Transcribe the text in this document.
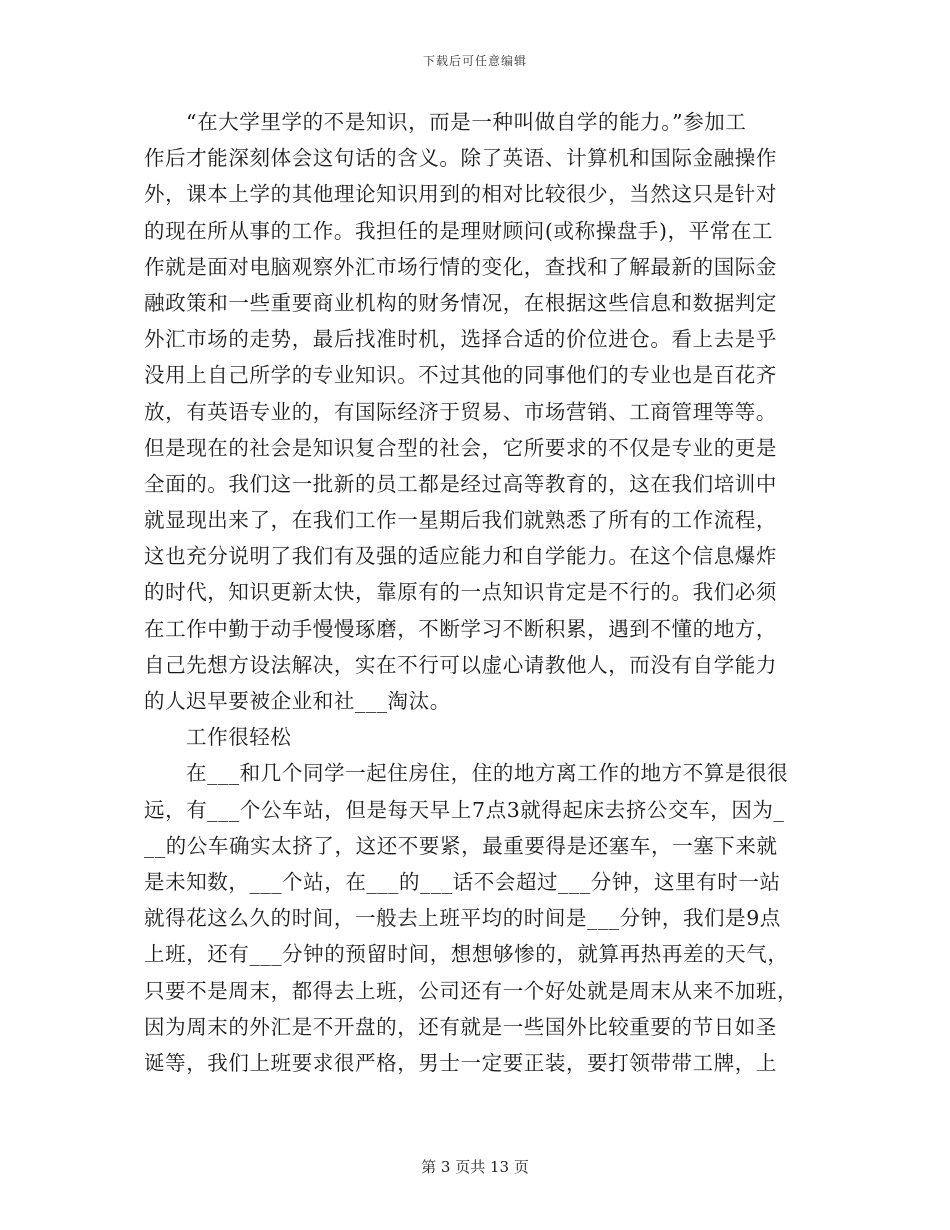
下载后可任意编辑
“在大学里学的不是知识，而是一种叫做自学的能力。”参加工
作后才能深刻体会这句话的含义。除了英语、计算机和国际金融操作
外，课本上学的其他理论知识用到的相对比较很少，当然这只是针对
的现在所从事的工作。我担任的是理财顾问(或称操盘手)，平常在工
作就是面对电脑观察外汇市场行情的变化，查找和了解最新的国际金
融政策和一些重要商业机构的财务情况，在根据这些信息和数据判定
外汇市场的走势，最后找准时机，选择合适的价位进仓。看上去是乎
没用上自己所学的专业知识。不过其他的同事他们的专业也是百花齐
放，有英语专业的，有国际经济于贸易、市场营销、工商管理等等。
但是现在的社会是知识复合型的社会，它所要求的不仅是专业的更是
全面的。我们这一批新的员工都是经过高等教育的，这在我们培训中
就显现出来了，在我们工作一星期后我们就熟悉了所有的工作流程，
这也充分说明了我们有及强的适应能力和自学能力。在这个信息爆炸
的时代，知识更新太快，靠原有的一点知识肯定是不行的。我们必须
在工作中勤于动手慢慢琢磨，不断学习不断积累，遇到不懂的地方，
自己先想方设法解决，实在不行可以虚心请教他人，而没有自学能力
的人迟早要被企业和社___淘汰。
工作很轻松
在___和几个同学一起住房住，住的地方离工作的地方不算是很很
远，有___个公车站，但是每天早上7点3就得起床去挤公交车，因为_
__的公车确实太挤了，这还不要紧，最重要得是还塞车，一塞下来就
是未知数，___个站，在___的___话不会超过___分钟，这里有时一站
就得花这么久的时间，一般去上班平均的时间是___分钟，我们是9点
上班，还有___分钟的预留时间，想想够惨的，就算再热再差的天气，
只要不是周末，都得去上班，公司还有一个好处就是周末从来不加班，
因为周末的外汇是不开盘的，还有就是一些国外比较重要的节日如圣
诞等，我们上班要求很严格，男士一定要正装，要打领带带工牌，上
第 3 页共 13 页
